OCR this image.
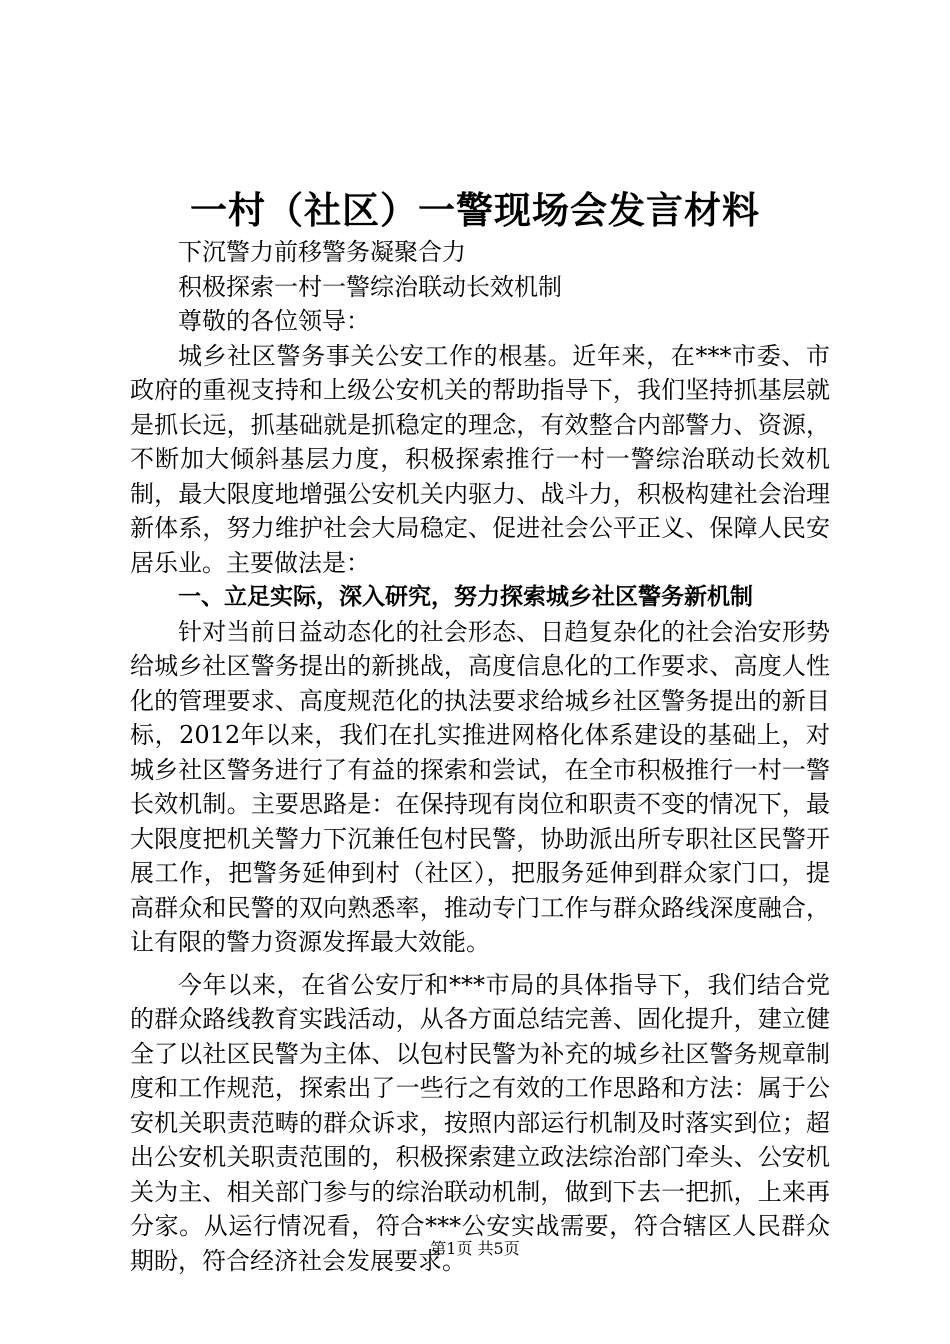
一村（社区）一警现场会发言材料

下沉警力前移警务凝聚合力

积极探索一村一警综治联动长效机制

尊敬的各位领导：

城乡社区警务事关公安工作的根基。近年来，在***市委、市政府的重视支持和上级公安机关的帮助指导下，我们坚持抓基层就是抓长远，抓基础就是抓稳定的理念，有效整合内部警力、资源，不断加大倾斜基层力度，积极探索推行一村一警综治联动长效机制，最大限度地增强公安机关内驱力、战斗力，积极构建社会治理新体系，努力维护社会大局稳定、促进社会公平正义、保障人民安居乐业。主要做法是：

一、立足实际，深入研究，努力探索城乡社区警务新机制

针对当前日益动态化的社会形态、日趋复杂化的社会治安形势给城乡社区警务提出的新挑战，高度信息化的工作要求、高度人性化的管理要求、高度规范化的执法要求给城乡社区警务提出的新目标，2012年以来，我们在扎实推进网格化体系建设的基础上，对城乡社区警务进行了有益的探索和尝试，在全市积极推行一村一警长效机制。主要思路是：在保持现有岗位和职责不变的情况下，最大限度把机关警力下沉兼任包村民警，协助派出所专职社区民警开展工作，把警务延伸到村（社区），把服务延伸到群众家门口，提高群众和民警的双向熟悉率，推动专门工作与群众路线深度融合，让有限的警力资源发挥最大效能。

今年以来，在省公安厅和***市局的具体指导下，我们结合党的群众路线教育实践活动，从各方面总结完善、固化提升，建立健全了以社区民警为主体、以包村民警为补充的城乡社区警务规章制度和工作规范，探索出了一些行之有效的工作思路和方法：属于公安机关职责范畴的群众诉求，按照内部运行机制及时落实到位；超出公安机关职责范围的，积极探索建立政法综治部门牵头、公安机关为主、相关部门参与的综治联动机制，做到下去一把抓，上来再分家。从运行情况看，符合***公安实战需要，符合辖区人民群众期盼，符合经济社会发展要求。

第1页 共5页
